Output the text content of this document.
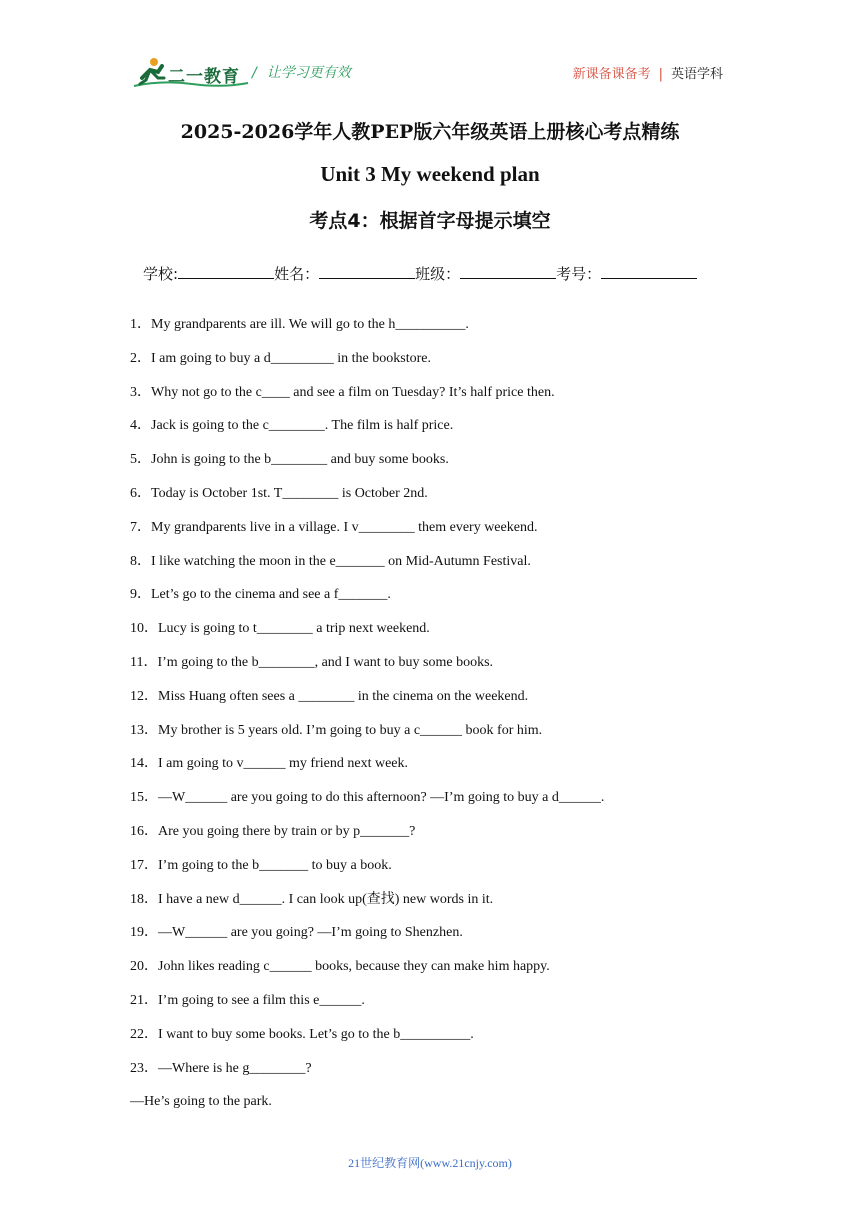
二一教育 / 让学习更有效	新课备课备考 | 英语学科
2025-2026学年人教PEP版六年级英语上册核心考点精练
Unit 3 My weekend plan
考点4：根据首字母提示填空
学校:	姓名：	班级：	考号：
1．My grandparents are ill. We will go to the h__________.
2．I am going to buy a d_________ in the bookstore.
3．Why not go to the c____ and see a film on Tuesday? It’s half price then.
4．Jack is going to the c________. The film is half price.
5．John is going to the b________ and buy some books.
6．Today is October 1st. T________ is October 2nd.
7．My grandparents live in a village. I v________ them every weekend.
8．I like watching the moon in the e_______ on Mid-Autumn Festival.
9．Let’s go to the cinema and see a f_______.
10．Lucy is going to t________ a trip next weekend.
11．I’m going to the b________, and I want to buy some books.
12．Miss Huang often sees a ________ in the cinema on the weekend.
13．My brother is 5 years old. I’m going to buy a c______ book for him.
14．I am going to v______ my friend next week.
15．—W______ are you going to do this afternoon? —I’m going to buy a d______.
16．Are you going there by train or by p_______?
17．I’m going to the b_______ to buy a book.
18．I have a new d______. I can look up(查找) new words in it.
19．—W______ are you going? —I’m going to Shenzhen.
20．John likes reading c______ books, because they can make him happy.
21．I’m going to see a film this e______.
22．I want to buy some books. Let’s go to the b__________.
23．—Where is he g________?
—He’s going to the park.
21世纪教育网(www.21cnjy.com)
